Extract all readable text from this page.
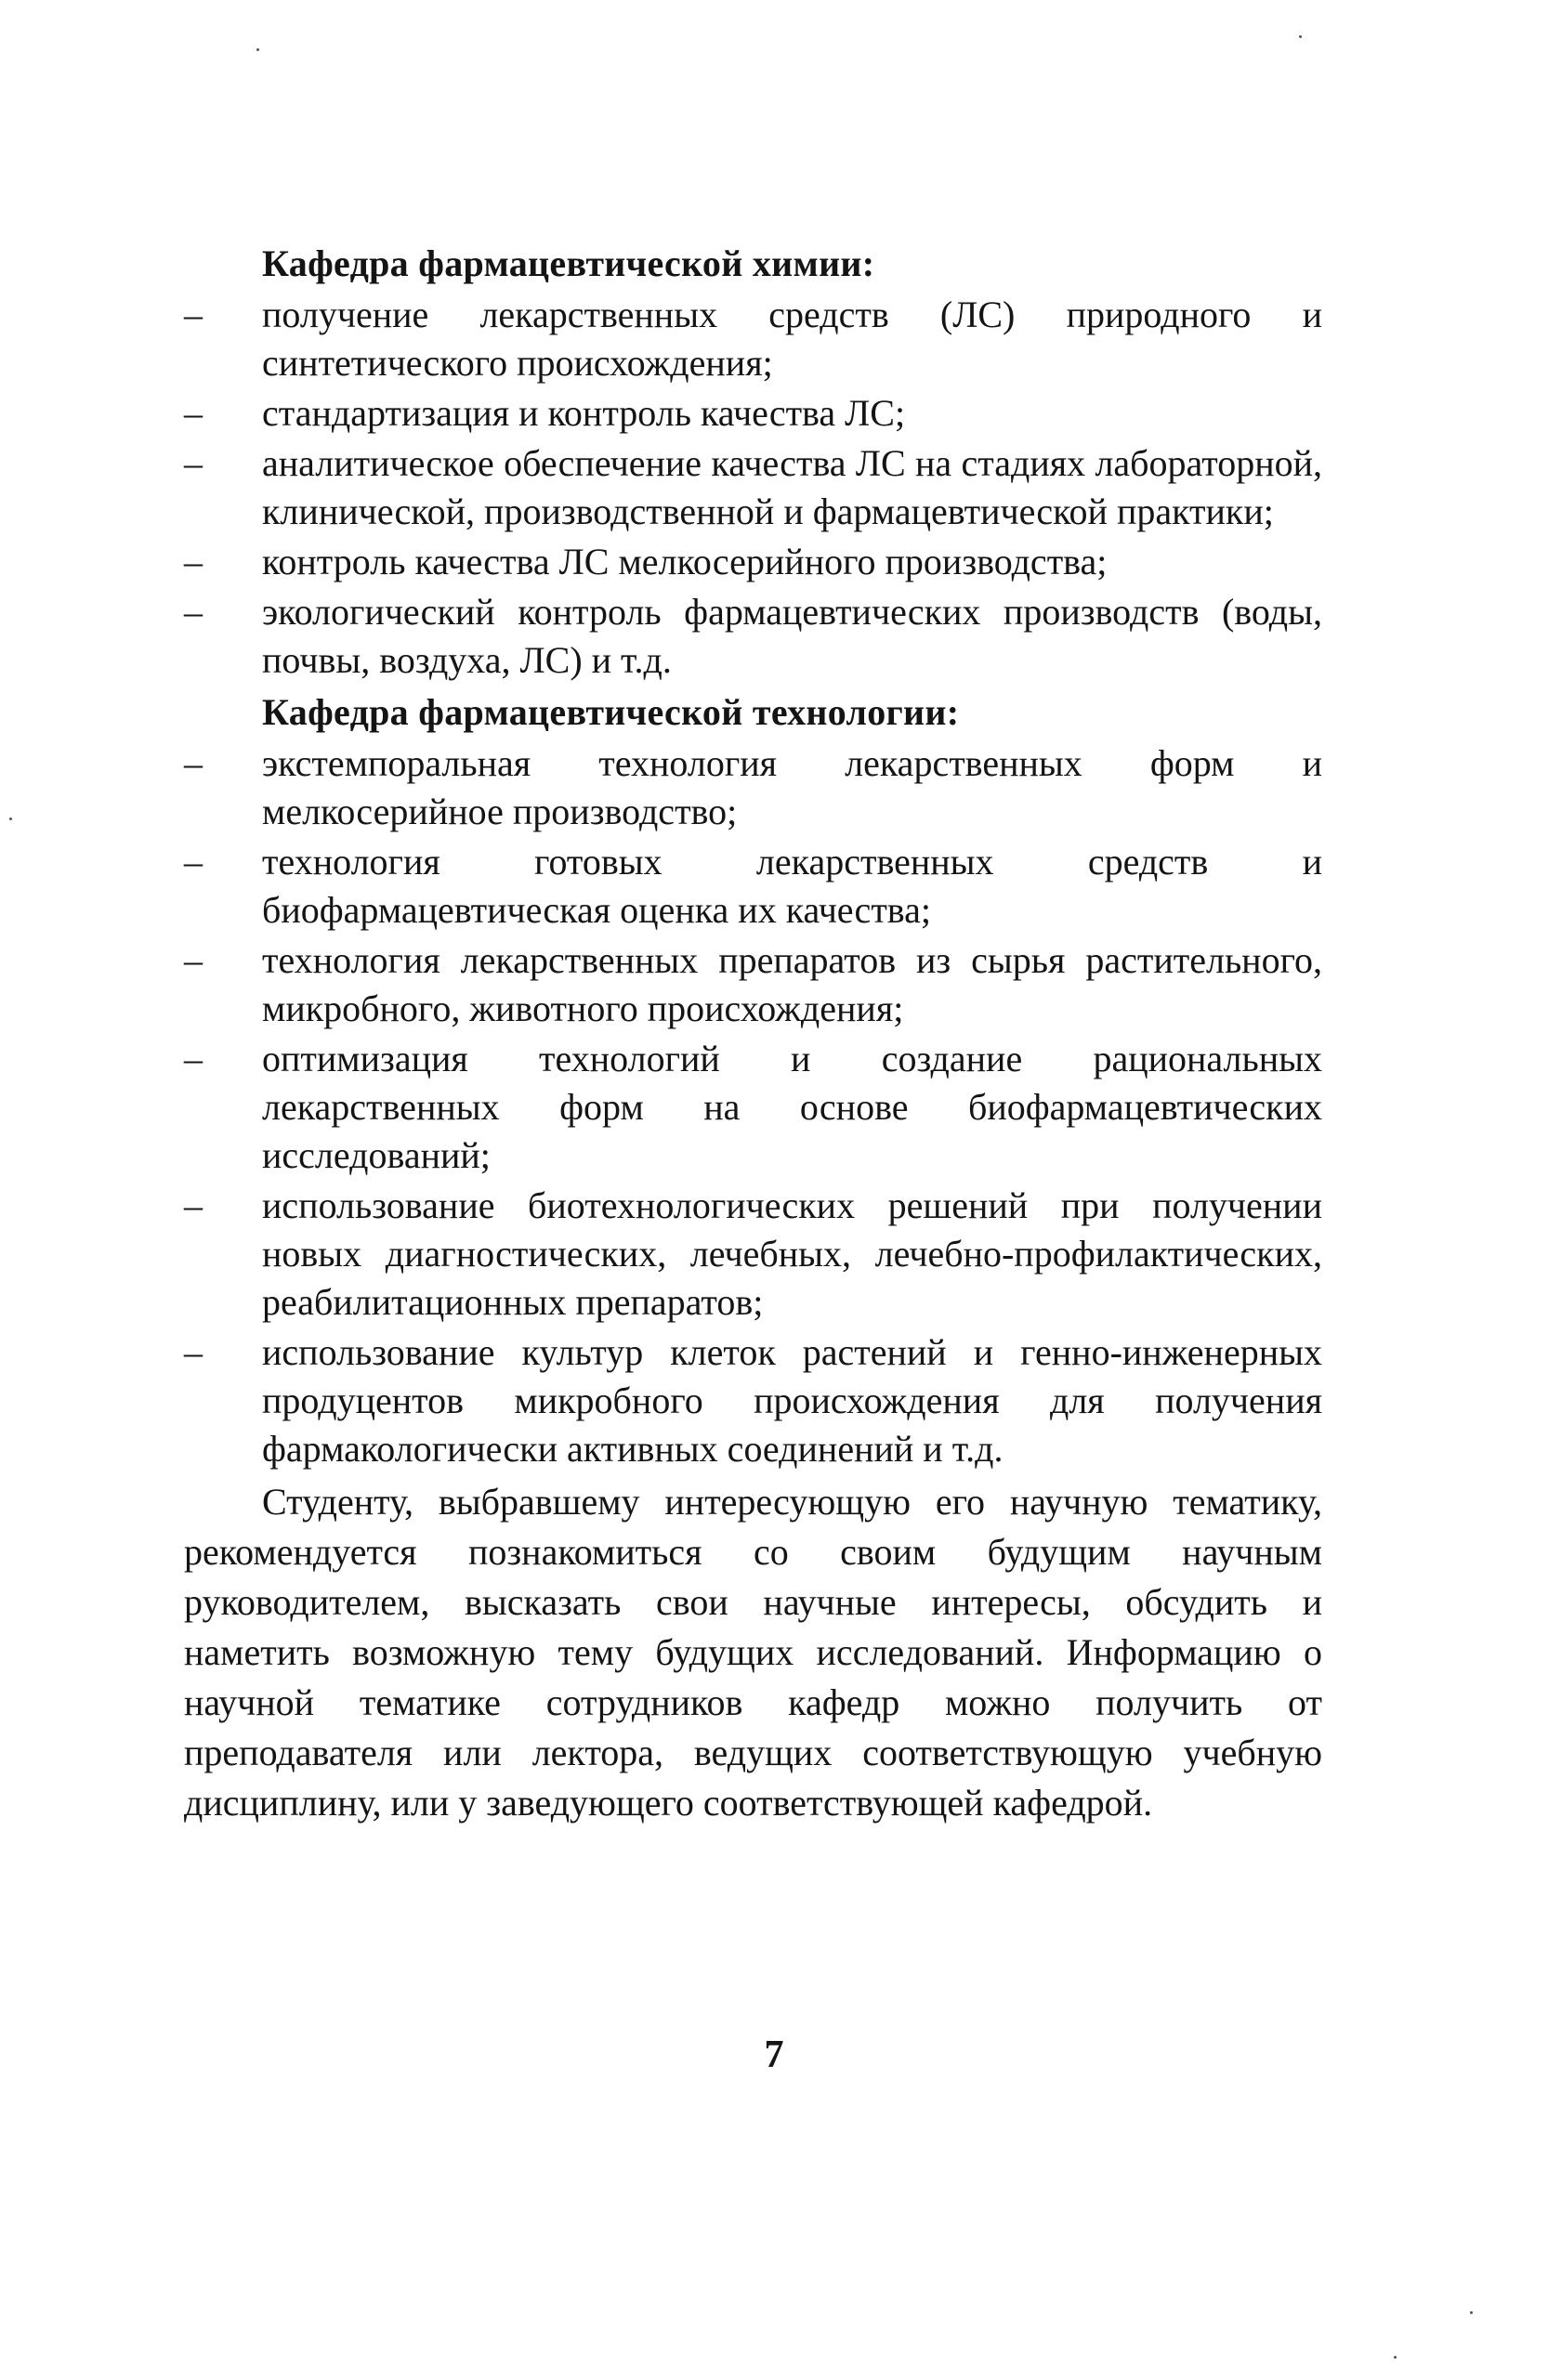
Кафедра фармацевтической химии:
–	получение лекарственных средств (ЛС) природного и синтетического происхождения;
–	стандартизация и контроль качества ЛС;
–	аналитическое обеспечение качества ЛС на стадиях лабораторной, клинической, производственной и фармацевтической практики;
–	контроль качества ЛС мелкосерийного производства;
–	экологический контроль фармацевтических производств (воды, почвы, воздуха, ЛС) и т.д.
Кафедра фармацевтической технологии:
–	экстемпоральная технология лекарственных форм и мелкосерийное производство;
–	технология готовых лекарственных средств и биофармацевтическая оценка их качества;
–	технология лекарственных препаратов из сырья растительного, микробного, животного происхождения;
–	оптимизация технологий и создание рациональных лекарственных форм на основе биофармацевтических исследований;
–	использование биотехнологических решений при получении новых диагностических, лечебных, лечебно-профилактических, реабилитационных препаратов;
–	использование культур клеток растений и генно-инженерных продуцентов микробного происхождения для получения фармакологически активных соединений и т.д.

Студенту, выбравшему интересующую его научную тематику, рекомендуется познакомиться со своим будущим научным руководителем, высказать свои научные интересы, обсудить и наметить возможную тему будущих исследований. Информацию о научной тематике сотрудников кафедр можно получить от преподавателя или лектора, ведущих соответствующую учебную дисциплину, или у заведующего соответствующей кафедрой.

7
